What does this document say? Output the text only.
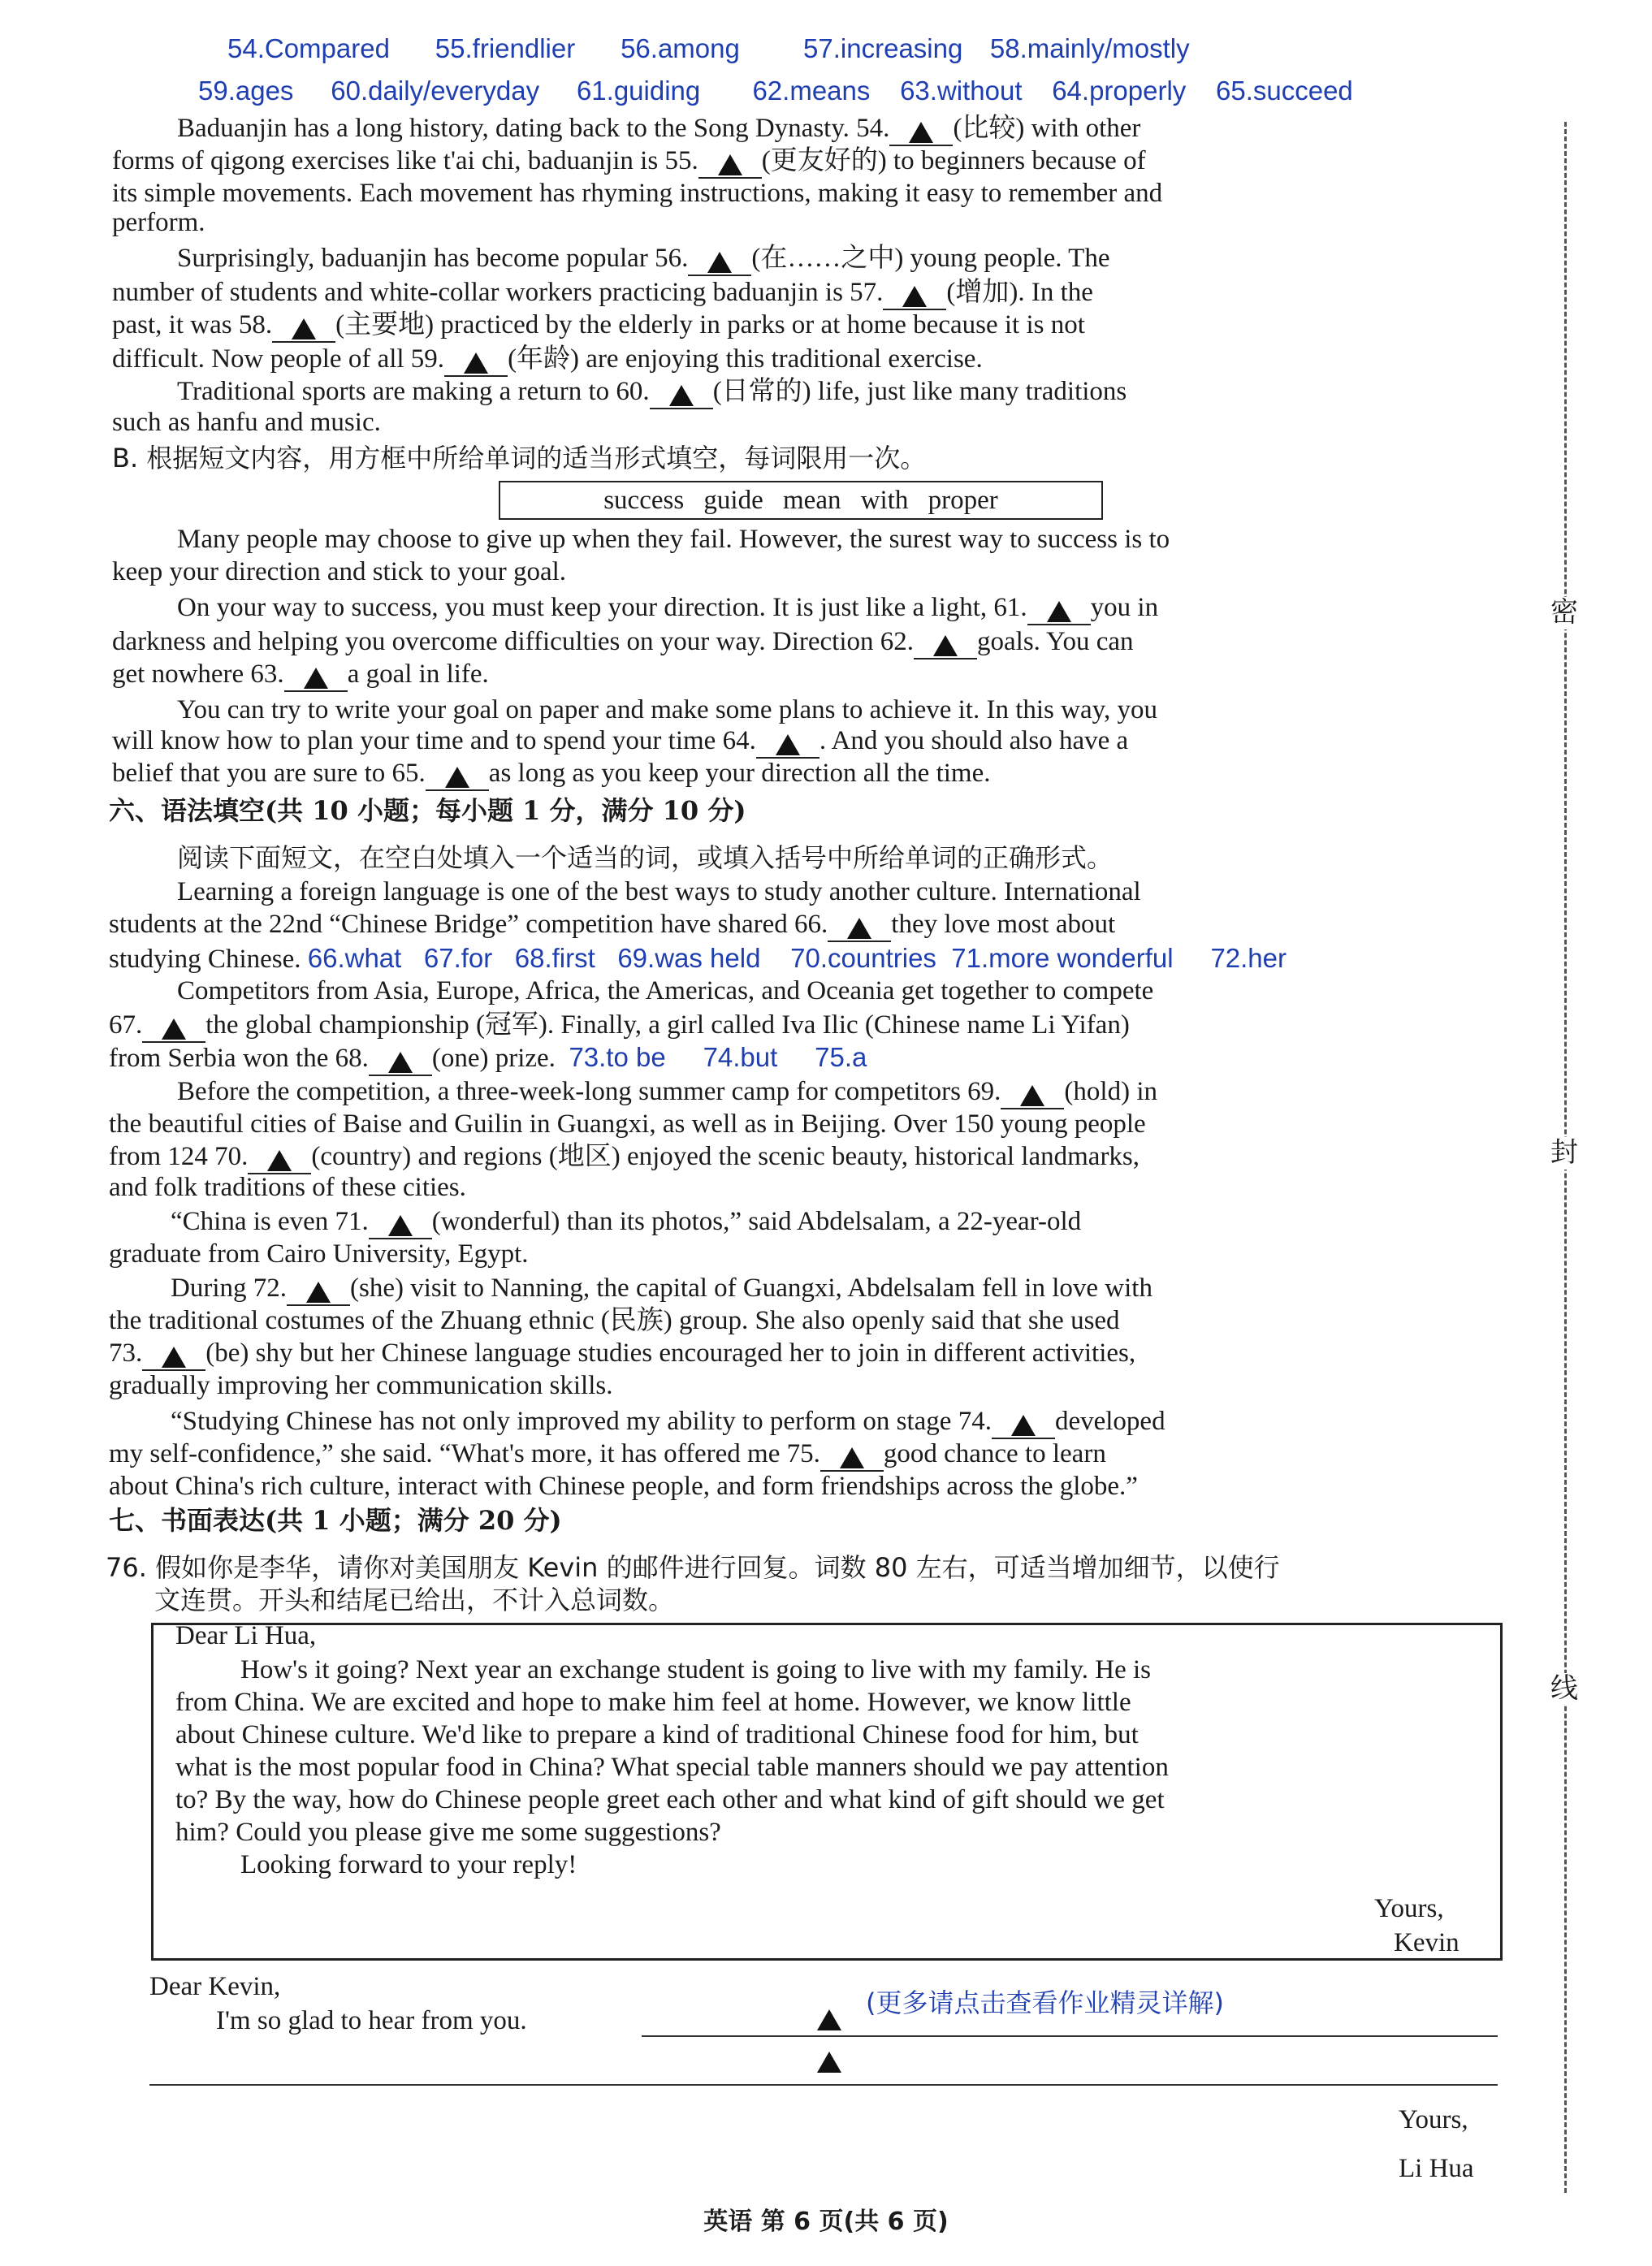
密
封
线
54.Compared 55.friendlier 56.among 57.increasing 58.mainly/mostly
59.ages 60.daily/everyday 61.guiding 62.means 63.without 64.properly 65.succeed
Baduanjin has a long history, dating back to the Song Dynasty. 54. (比较) with other
forms of qigong exercises like t'ai chi, baduanjin is 55. (更友好的) to beginners because of
its simple movements. Each movement has rhyming instructions, making it easy to remember and
perform.
Surprisingly, baduanjin has become popular 56. (在……之中) young people. The
number of students and white-collar workers practicing baduanjin is 57. (增加). In the
past, it was 58. (主要地) practiced by the elderly in parks or at home because it is not
difficult. Now people of all 59. (年龄) are enjoying this traditional exercise.
Traditional sports are making a return to 60. (日常的) life, just like many traditions
such as hanfu and music.
B. 根据短文内容，用方框中所给单词的适当形式填空，每词限用一次。
success guide mean with proper
Many people may choose to give up when they fail. However, the surest way to success is to
keep your direction and stick to your goal.
On your way to success, you must keep your direction. It is just like a light, 61. you in
darkness and helping you overcome difficulties on your way. Direction 62. goals. You can
get nowhere 63. a goal in life.
You can try to write your goal on paper and make some plans to achieve it. In this way, you
will know how to plan your time and to spend your time 64. . And you should also have a
belief that you are sure to 65. as long as you keep your direction all the time.
六、语法填空(共 10 小题；每小题 1 分，满分 10 分)
阅读下面短文，在空白处填入一个适当的词，或填入括号中所给单词的正确形式。
Learning a foreign language is one of the best ways to study another culture. International
students at the 22nd “Chinese Bridge” competition have shared 66. they love most about
studying Chinese. 66.what 67.for 68.first 69.was held 70.countries 71.more wonderful 72.her
Competitors from Asia, Europe, Africa, the Americas, and Oceania get together to compete
67. the global championship (冠军). Finally, a girl called Iva Ilic (Chinese name Li Yifan)
from Serbia won the 68. (one) prize. 73.to be 74.but 75.a
Before the competition, a three-week-long summer camp for competitors 69. (hold) in
the beautiful cities of Baise and Guilin in Guangxi, as well as in Beijing. Over 150 young people
from 124 70. (country) and regions (地区) enjoyed the scenic beauty, historical landmarks,
and folk traditions of these cities.
“China is even 71. (wonderful) than its photos,” said Abdelsalam, a 22-year-old
graduate from Cairo University, Egypt.
During 72. (she) visit to Nanning, the capital of Guangxi, Abdelsalam fell in love with
the traditional costumes of the Zhuang ethnic (民族) group. She also openly said that she used
73. (be) shy but her Chinese language studies encouraged her to join in different activities,
gradually improving her communication skills.
“Studying Chinese has not only improved my ability to perform on stage 74. developed
my self-confidence,” she said. “What's more, it has offered me 75. good chance to learn
about China's rich culture, interact with Chinese people, and form friendships across the globe.”
七、书面表达(共 1 小题；满分 20 分)
76. 假如你是李华，请你对美国朋友 Kevin 的邮件进行回复。词数 80 左右，可适当增加细节，以使行
文连贯。开头和结尾已给出，不计入总词数。
Dear Li Hua,
How's it going? Next year an exchange student is going to live with my family. He is
from China. We are excited and hope to make him feel at home. However, we know little
about Chinese culture. We'd like to prepare a kind of traditional Chinese food for him, but
what is the most popular food in China? What special table manners should we pay attention
to? By the way, how do Chinese people greet each other and what kind of gift should we get
him? Could you please give me some suggestions?
Looking forward to your reply!
Yours,
Kevin
Dear Kevin,
I'm so glad to hear from you.
(更多请点击查看作业精灵详解)
Yours,
Li Hua
英语 第 6 页(共 6 页)
